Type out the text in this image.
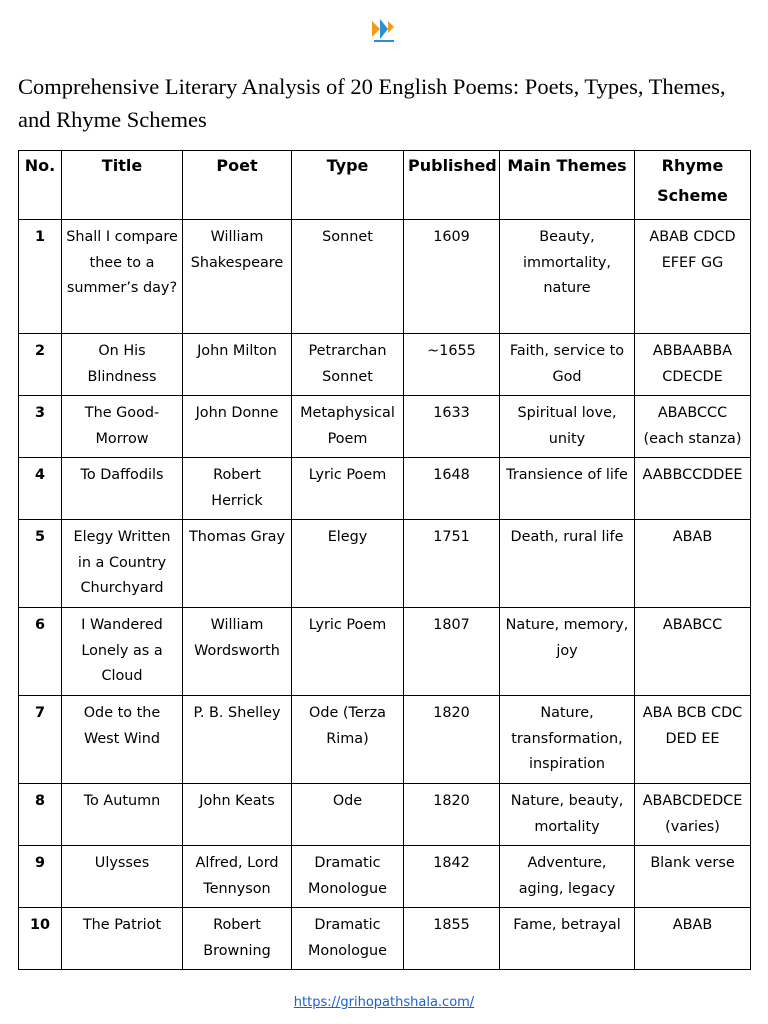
Comprehensive Literary Analysis of 20 English Poems: Poets, Types, Themes, and Rhyme Schemes
No.	Title	Poet	Type	Published	Main Themes	Rhyme Scheme
1	Shall I compare thee to a summer’s day?	William Shakespeare	Sonnet	1609	Beauty, immortality, nature	ABAB CDCD EFEF GG
2	On His Blindness	John Milton	Petrarchan Sonnet	~1655	Faith, service to God	ABBAABBA CDECDE
3	The Good-Morrow	John Donne	Metaphysical Poem	1633	Spiritual love, unity	ABABCCC (each stanza)
4	To Daffodils	Robert Herrick	Lyric Poem	1648	Transience of life	AABBCCDDEE
5	Elegy Written in a Country Churchyard	Thomas Gray	Elegy	1751	Death, rural life	ABAB
6	I Wandered Lonely as a Cloud	William Wordsworth	Lyric Poem	1807	Nature, memory, joy	ABABCC
7	Ode to the West Wind	P. B. Shelley	Ode (Terza Rima)	1820	Nature, transformation, inspiration	ABA BCB CDC DED EE
8	To Autumn	John Keats	Ode	1820	Nature, beauty, mortality	ABABCDEDCE (varies)
9	Ulysses	Alfred, Lord Tennyson	Dramatic Monologue	1842	Adventure, aging, legacy	Blank verse
10	The Patriot	Robert Browning	Dramatic Monologue	1855	Fame, betrayal	ABAB
https://grihopathshala.com/
